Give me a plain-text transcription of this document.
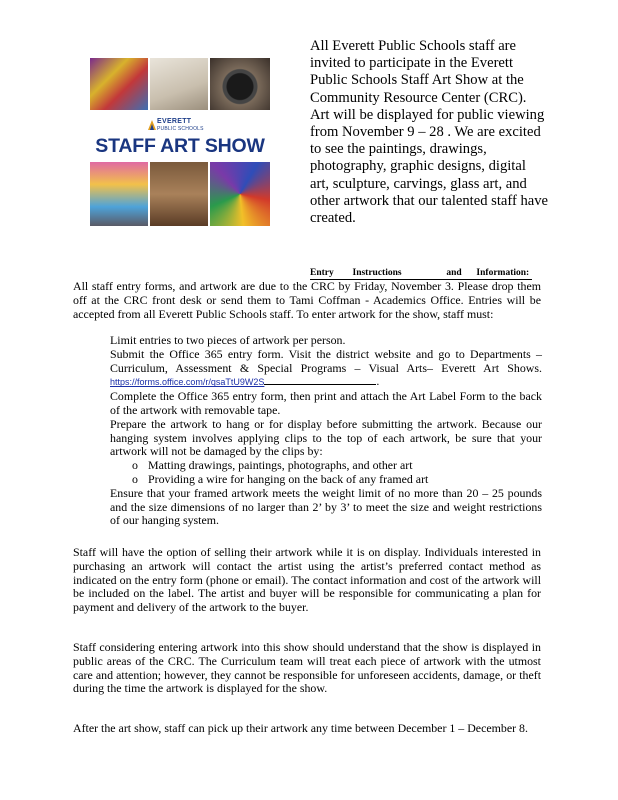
EVERETT
PUBLIC SCHOOLS
STAFF ART SHOW
All Everett Public Schools staff are invited to participate in the Everett Public Schools Staff Art Show at the Community Resource Center (CRC). Art will be displayed for public viewing from November 9 – 28 . We are excited to see the paintings, drawings, photography, graphic designs, digital art, sculpture, carvings, glass art, and other artwork that our talented staff have created.
Entry Instructions	and Information:
All staff entry forms, and artwork are due to the CRC by Friday, November 3. Please drop them off at the CRC front desk or send them to Tami Coffman - Academics Office. Entries will be accepted from all Everett Public Schools staff. To enter artwork for the show, staff must:
Limit entries to two pieces of artwork per person.
Submit the Office 365 entry form. Visit the district website and go to Departments –Curriculum, Assessment & Special Programs – Visual Arts– Everett Art Shows. https://forms.office.com/r/qsaTtU9W2S	.
Complete the Office 365 entry form, then print and attach the Art Label Form to the back of the artwork with removable tape.
Prepare the artwork to hang or for display before submitting the artwork. Because our hanging system involves applying clips to the top of each artwork, be sure that your artwork will not be damaged by the clips by:
o Matting drawings, paintings, photographs, and other art
o Providing a wire for hanging on the back of any framed art
Ensure that your framed artwork meets the weight limit of no more than 20 – 25 pounds and the size dimensions of no larger than 2’ by 3’ to meet the size and weight restrictions of our hanging system.
Staff will have the option of selling their artwork while it is on display. Individuals interested in purchasing an artwork will contact the artist using the artist’s preferred contact method as indicated on the entry form (phone or email). The contact information and cost of the artwork will be included on the label. The artist and buyer will be responsible for communicating a plan for payment and delivery of the artwork to the buyer.
Staff considering entering artwork into this show should understand that the show is displayed in public areas of the CRC. The Curriculum team will treat each piece of artwork with the utmost care and attention; however, they cannot be responsible for unforeseen accidents, damage, or theft during the time the artwork is displayed for the show.
After the art show, staff can pick up their artwork any time between December 1 – December 8.
